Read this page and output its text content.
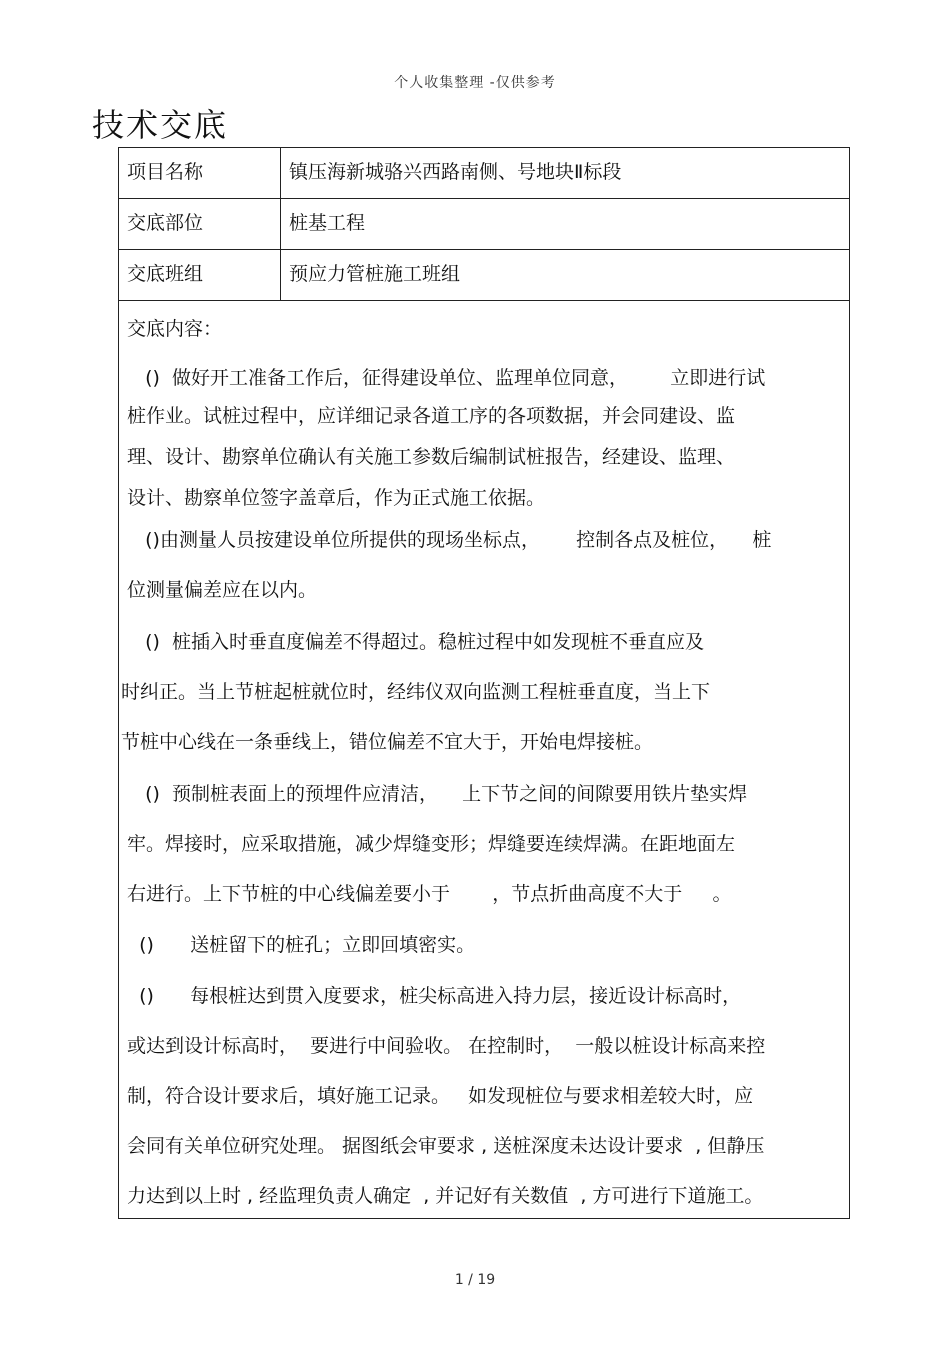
个人收集整理 -仅供参考
技术交底
项目名称	镇压海新城骆兴西路南侧、号地块Ⅱ标段
交底部位	桩基工程
交底班组	预应力管桩施工班组
交底内容：
()  做好开工准备工作后，征得建设单位、监理单位同意，       立即进行试
桩作业。试桩过程中，应详细记录各道工序的各项数据，并会同建设、监
理、设计、勘察单位确认有关施工参数后编制试桩报告，经建设、监理、
设计、勘察单位签字盖章后，作为正式施工依据。
()由测量人员按建设单位所提供的现场坐标点，      控制各点及桩位，    桩
位测量偏差应在以内。
()  桩插入时垂直度偏差不得超过。稳桩过程中如发现桩不垂直应及
时纠正。当上节桩起桩就位时，经纬仪双向监测工程桩垂直度，当上下
节桩中心线在一条垂线上，错位偏差不宜大于，开始电焊接桩。
()  预制桩表面上的预埋件应清洁，    上下节之间的间隙要用铁片垫实焊
牢。焊接时，应采取措施，减少焊缝变形；焊缝要连续焊满。在距地面左
右进行。上下节桩的中心线偏差要小于       ，节点折曲高度不大于     。
()      送桩留下的桩孔；立即回填密实。
()      每根桩达到贯入度要求，桩尖标高进入持力层，接近设计标高时，
或达到设计标高时，  要进行中间验收。 在控制时，  一般以桩设计标高来控
制，符合设计要求后，填好施工记录。   如发现桩位与要求相差较大时，应
会同有关单位研究处理。 据图纸会审要求 , 送桩深度未达设计要求  , 但静压
力达到以上时 , 经监理负责人确定  , 并记好有关数值  , 方可进行下道施工。
1 / 19
